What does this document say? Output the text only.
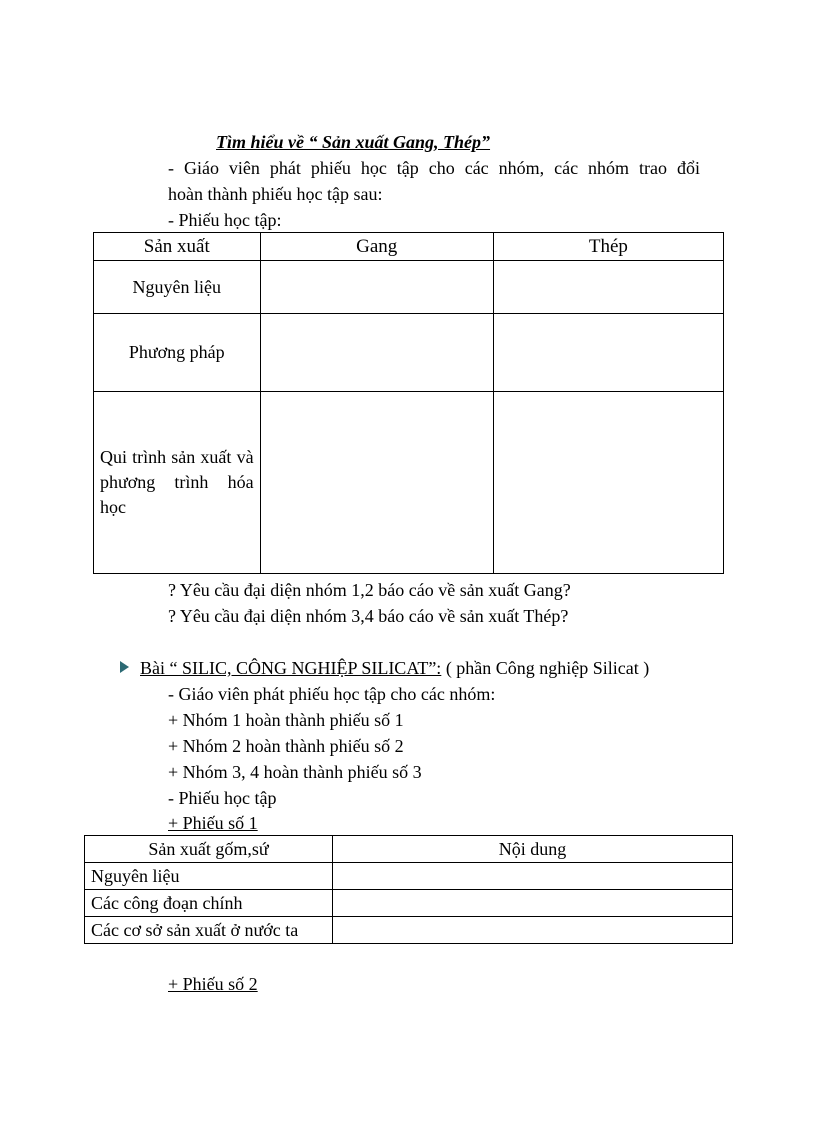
Tìm hiểu về “ Sản xuất Gang, Thép”
- Giáo viên phát phiếu học tập cho các nhóm, các nhóm trao đổi
hoàn thành phiếu học tập sau:
- Phiếu học tập:
Sản xuất	Gang	Thép
Nguyên liệu		
Phương pháp		
Qui trình sản xuất và phương trình hóa học		
? Yêu cầu đại diện nhóm 1,2 báo cáo về sản xuất Gang?
? Yêu cầu đại diện nhóm 3,4 báo cáo về sản xuất Thép?
Bài “ SILIC, CÔNG NGHIỆP SILICAT”: ( phần Công nghiệp Silicat )
- Giáo viên phát phiếu học tập cho các nhóm:
+ Nhóm 1 hoàn thành phiếu số 1
+ Nhóm 2 hoàn thành phiếu số 2
+ Nhóm 3, 4 hoàn thành phiếu số 3
- Phiếu học tập
+ Phiếu số 1
Sản xuất gốm,sứ	Nội dung
Nguyên liệu	
Các công đoạn chính	
Các cơ sở sản xuất ở nước ta	
+ Phiếu số 2
